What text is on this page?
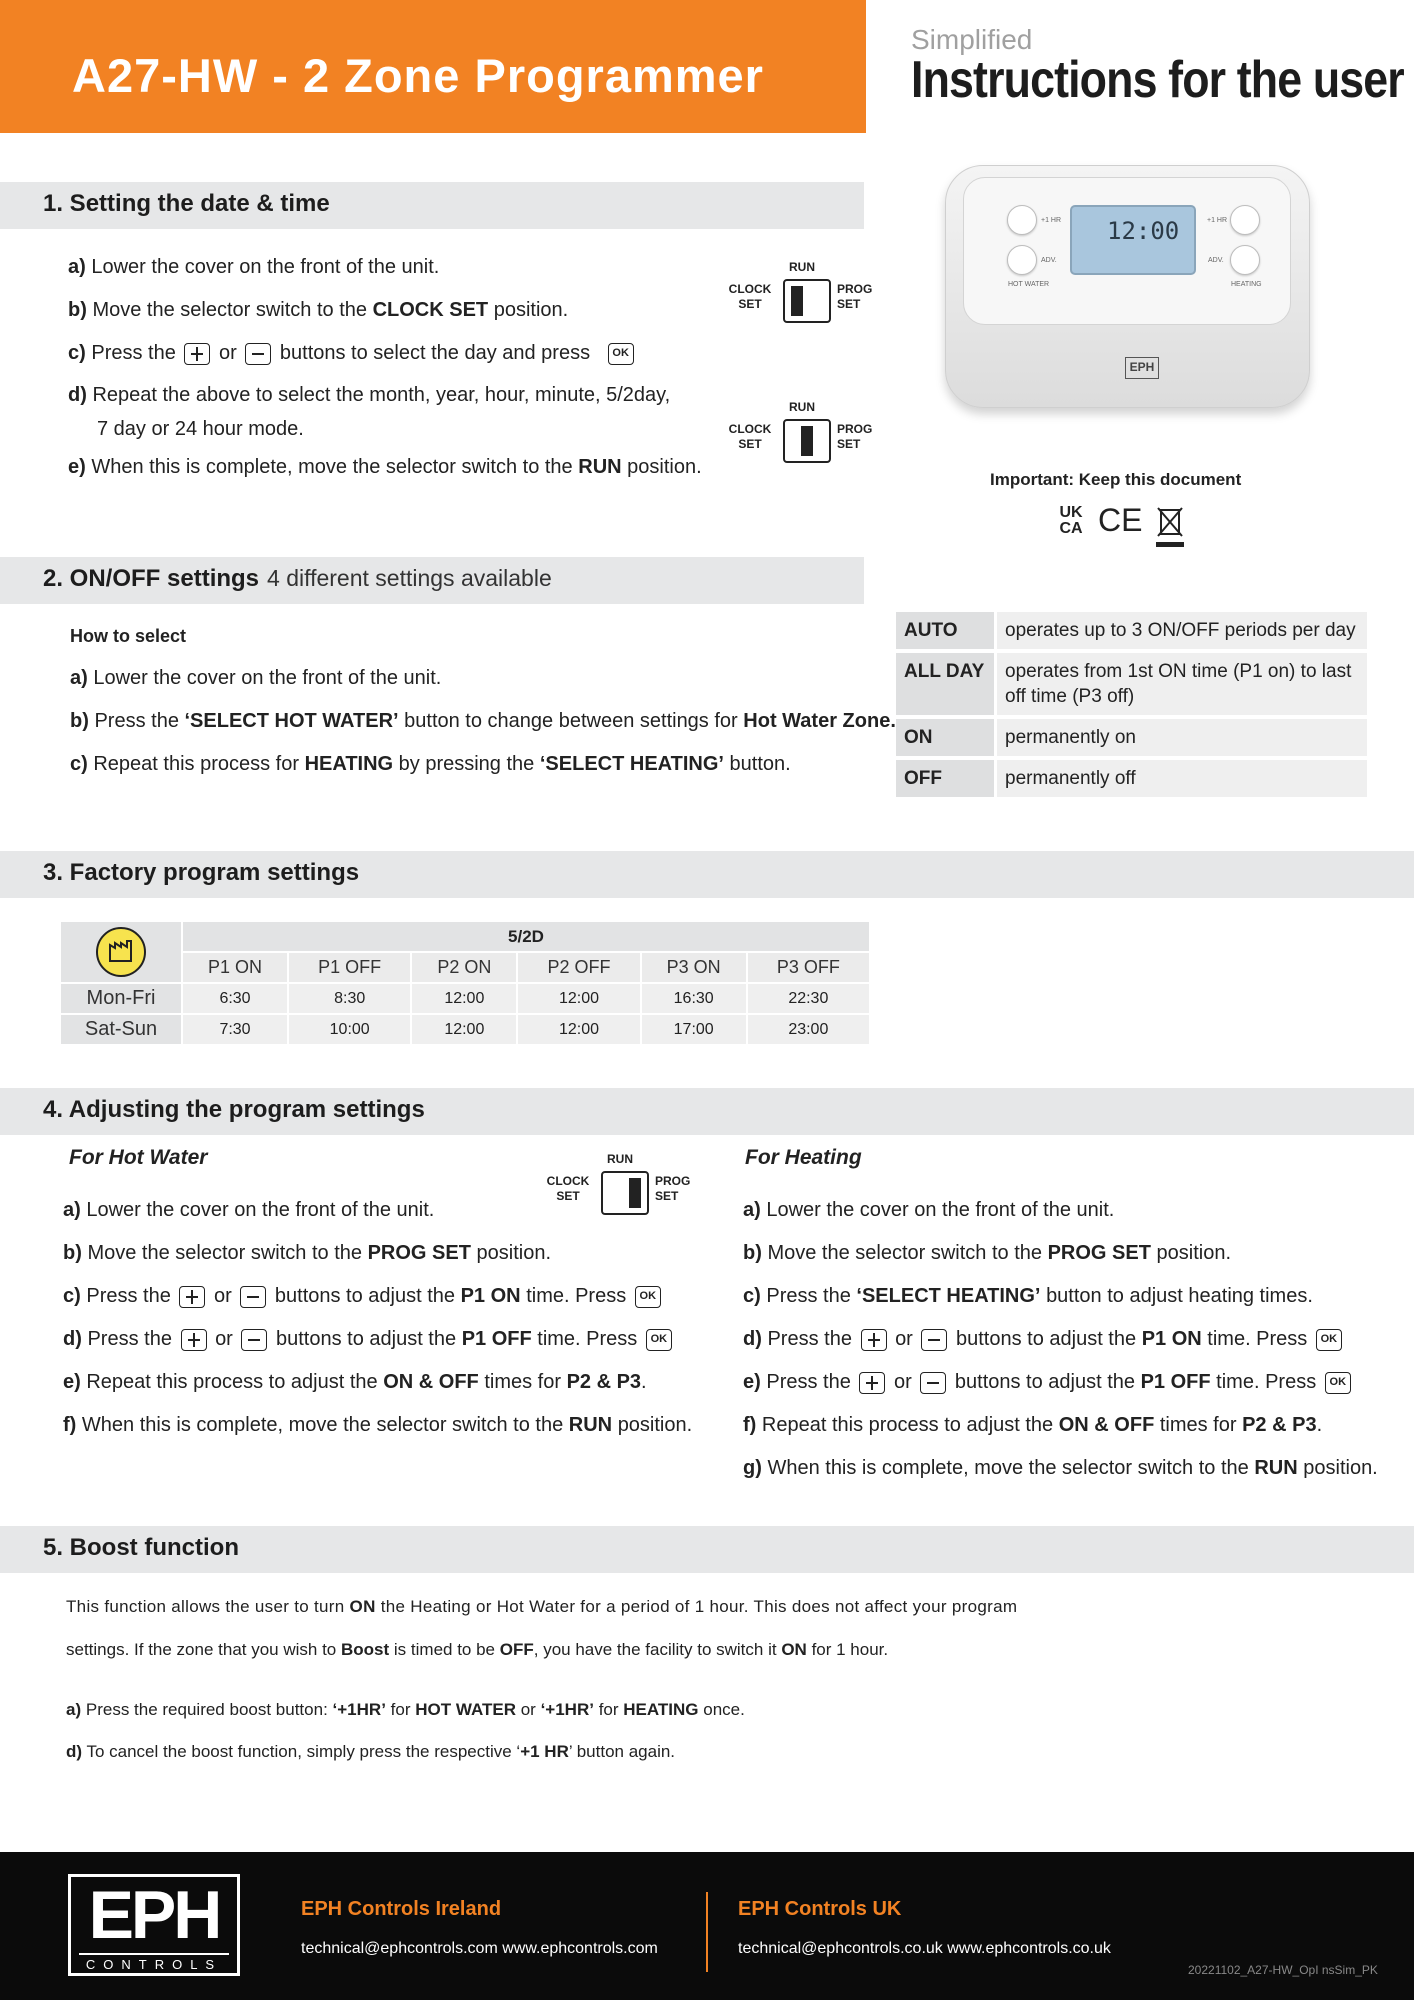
A27-HW - 2 Zone Programmer
Simplified
Instructions for the user
+1 HR
ADV.
+1 HR
ADV.
HOT WATER	HEATING
12:00
EPH
Important: Keep this document
UK CA CE
1. Setting the date & time
a) Lower the cover on the front of the unit.
b) Move the selector switch to the CLOCK SET position.
c) Press the or buttons to select the day and press OK
d) Repeat the above to select the month, year, hour, minute, 5/2day,
7 day or 24 hour mode.
e) When this is complete, move the selector switch to the RUN position.
RUN
CLOCK
SET
PROG
SET
RUN
CLOCK
SET
PROG
SET
2. ON/OFF settings 4 different settings available
How to select
a) Lower the cover on the front of the unit.
b) Press the ‘SELECT HOT WATER’ button to change between settings for Hot Water Zone.
c) Repeat this process for HEATING by pressing the ‘SELECT HEATING’ button.
AUTO	operates up to 3 ON/OFF periods per day
ALL DAY	operates from 1st ON time (P1 on) to last off time (P3 off)
ON	permanently on
OFF	permanently off
3. Factory program settings
	5/2D					
	P1 ON	P1 OFF	P2 ON	P2 OFF	P3 ON	P3 OFF
Mon-Fri	6:30	8:30	12:00	12:00	16:30	22:30
Sat-Sun	7:30	10:00	12:00	12:00	17:00	23:00
4. Adjusting the program settings
For Hot Water	For Heating
RUN
CLOCK
SET
PROG
SET
a) Lower the cover on the front of the unit.
b) Move the selector switch to the PROG SET position.
c) Press the or buttons to adjust the P1 ON time. Press OK
d) Press the or buttons to adjust the P1 OFF time. Press OK
e) Repeat this process to adjust the ON & OFF times for P2 & P3.
f) When this is complete, move the selector switch to the RUN position.
a) Lower the cover on the front of the unit.
b) Move the selector switch to the PROG SET position.
c) Press the ‘SELECT HEATING’ button to adjust heating times.
d) Press the or buttons to adjust the P1 ON time. Press OK
e) Press the or buttons to adjust the P1 OFF time. Press OK
f) Repeat this process to adjust the ON & OFF times for P2 & P3.
g) When this is complete, move the selector switch to the RUN position.
5. Boost function
This function allows the user to turn ON the Heating or Hot Water for a period of 1 hour. This does not affect your program
settings. If the zone that you wish to Boost is timed to be OFF, you have the facility to switch it ON for 1 hour.
a) Press the required boost button: ‘+1HR’ for HOT WATER or ‘+1HR’ for HEATING once.
d) To cancel the boost function, simply press the respective ‘+1 HR’ button again.
EPH
CONTROLS
EPH Controls Ireland
technical@ephcontrols.com www.ephcontrols.com
EPH Controls UK
technical@ephcontrols.co.uk www.ephcontrols.co.uk
20221102_A27-HW_OpI nsSim_PK
